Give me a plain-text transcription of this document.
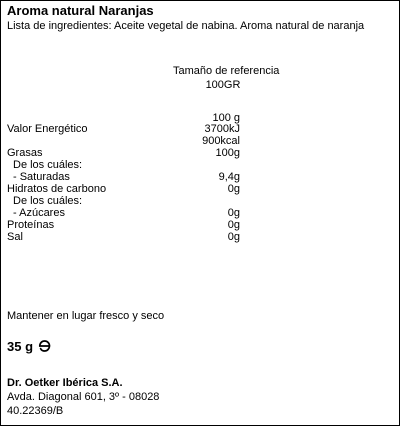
Aroma natural Naranjas
Lista de ingredientes: Aceite vegetal de nabina. Aroma natural de naranja
Tamaño de referencia
100GR
100 g
Valor Energético	3700kJ
900kcal
Grasas	100g
De los cuáles:
- Saturadas	9,4g
Hidratos de carbono	0g
De los cuáles:
- Azúcares	0g
Proteínas	0g
Sal	0g
Mantener en lugar fresco y seco
35 g
Dr. Oetker Ibérica S.A.
Avda. Diagonal 601, 3º - 08028
40.22369/B
